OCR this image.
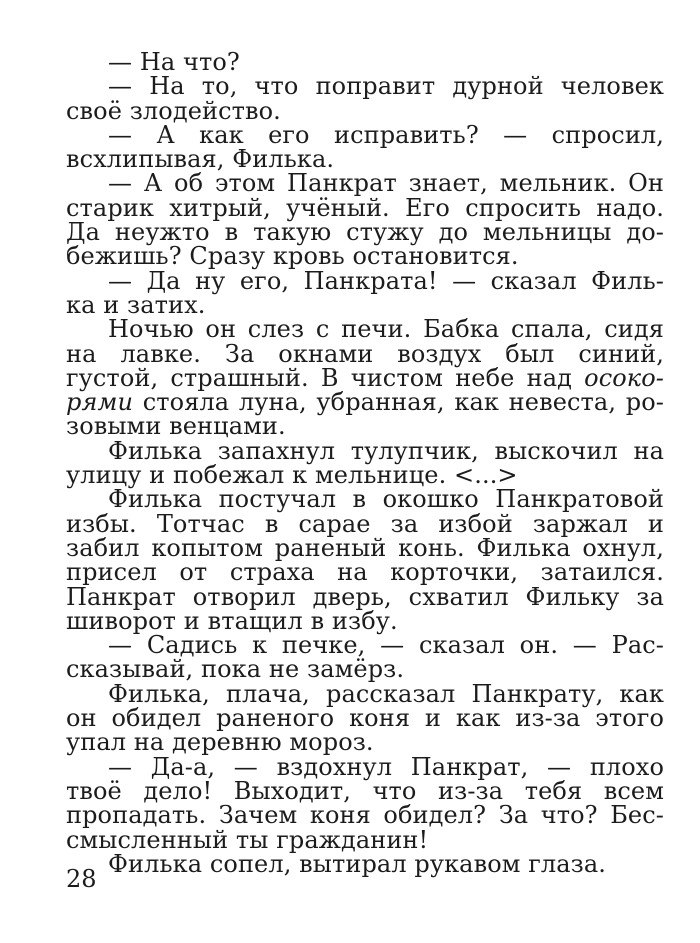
— На что?
— На то, что поправит дурной человек
своё злодейство.
— А как его исправить? — спросил,
всхлипывая, Филька.
— А об этом Панкрат знает, мельник. Он
старик хитрый, учёный. Его спросить надо.
Да неужто в такую стужу до мельницы до-
бежишь? Сразу кровь остановится.
— Да ну его, Панкрата! — сказал Филь-
ка и затих.
Ночью он слез с печи. Бабка спала, сидя
на лавке. За окнами воздух был синий,
густой, страшный. В чистом небе над осоко-
рями стояла луна, убранная, как невеста, ро-
зовыми венцами.
Филька запахнул тулупчик, выскочил на
улицу и побежал к мельнице. <...>
Филька постучал в окошко Панкратовой
избы. Тотчас в сарае за избой заржал и
забил копытом раненый конь. Филька охнул,
присел от страха на корточки, затаился.
Панкрат отворил дверь, схватил Фильку за
шиворот и втащил в избу.
— Садись к печке, — сказал он. — Рас-
сказывай, пока не замёрз.
Филька, плача, рассказал Панкрату, как
он обидел раненого коня и как из-за этого
упал на деревню мороз.
— Да-а, — вздохнул Панкрат, — плохо
твоё дело! Выходит, что из-за тебя всем
пропадать. Зачем коня обидел? За что? Бес-
смысленный ты гражданин!
Филька сопел, вытирал рукавом глаза.
28
